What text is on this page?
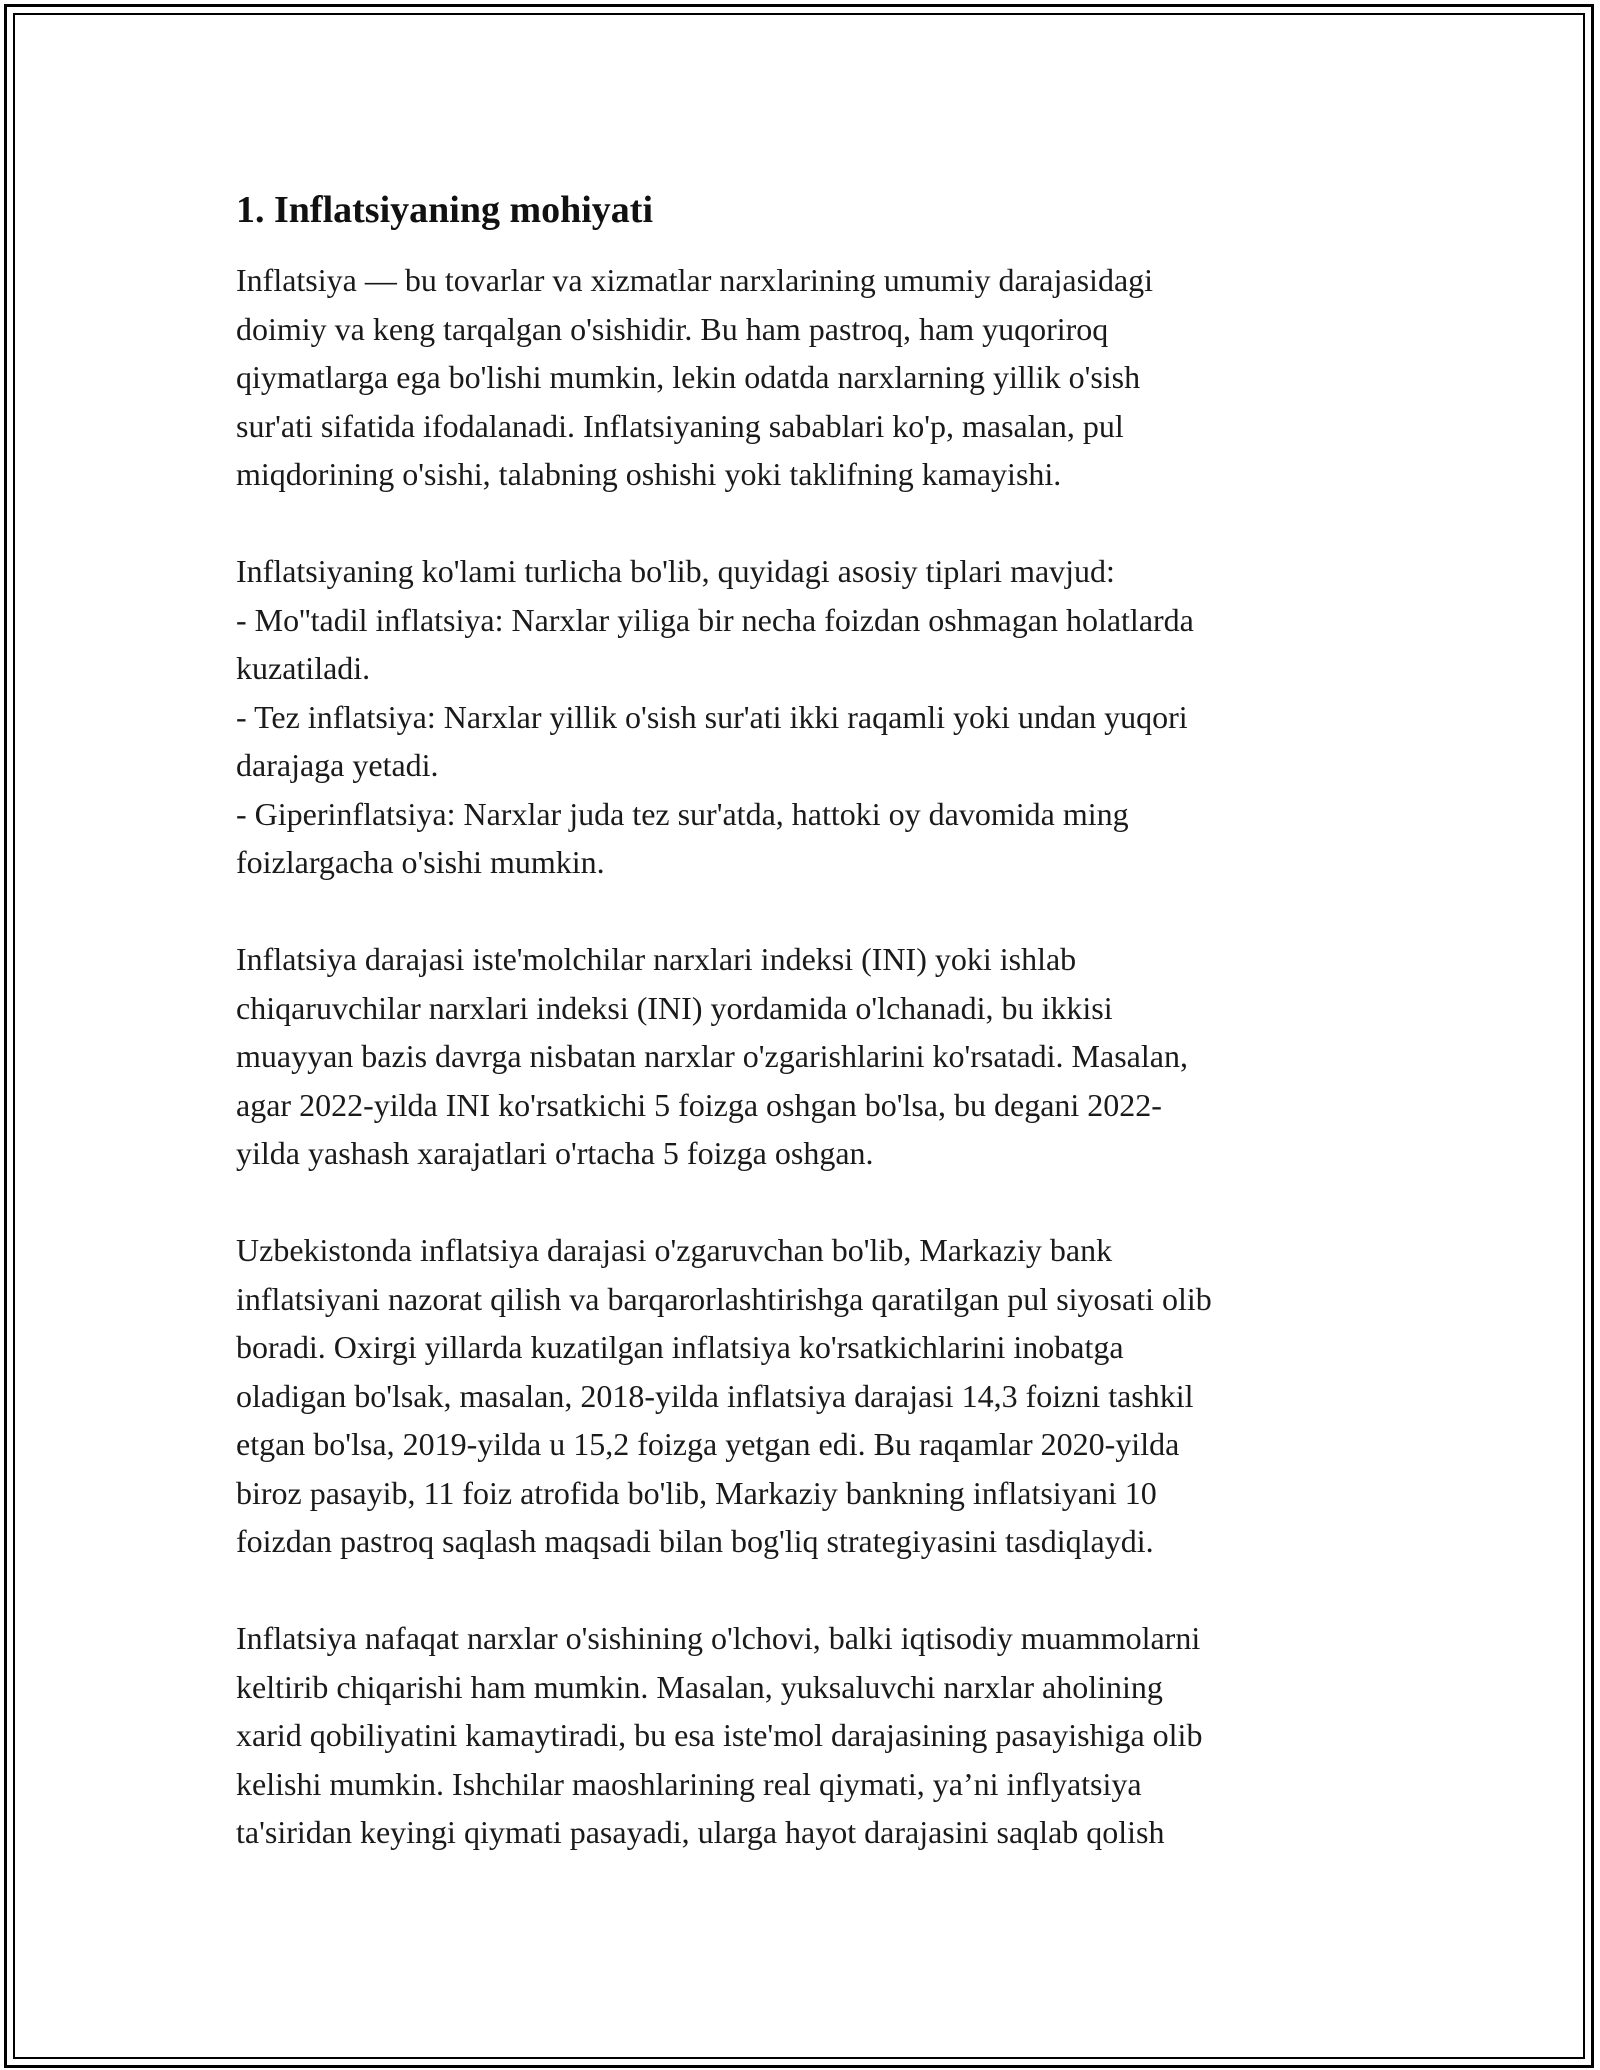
1. Inflatsiyaning mohiyati

Inflatsiya — bu tovarlar va xizmatlar narxlarining umumiy darajasidagi
doimiy va keng tarqalgan o'sishidir. Bu ham pastroq, ham yuqoriroq
qiymatlarga ega bo'lishi mumkin, lekin odatda narxlarning yillik o'sish
sur'ati sifatida ifodalanadi. Inflatsiyaning sabablari ko'p, masalan, pul
miqdorining o'sishi, talabning oshishi yoki taklifning kamayishi.

Inflatsiyaning ko'lami turlicha bo'lib, quyidagi asosiy tiplari mavjud:
- Mo''tadil inflatsiya: Narxlar yiliga bir necha foizdan oshmagan holatlarda
kuzatiladi.
- Tez inflatsiya: Narxlar yillik o'sish sur'ati ikki raqamli yoki undan yuqori
darajaga yetadi.
- Giperinflatsiya: Narxlar juda tez sur'atda, hattoki oy davomida ming
foizlargacha o'sishi mumkin.

Inflatsiya darajasi iste'molchilar narxlari indeksi (INI) yoki ishlab
chiqaruvchilar narxlari indeksi (INI) yordamida o'lchanadi, bu ikkisi
muayyan bazis davrga nisbatan narxlar o'zgarishlarini ko'rsatadi. Masalan,
agar 2022-yilda INI ko'rsatkichi 5 foizga oshgan bo'lsa, bu degani 2022-
yilda yashash xarajatlari o'rtacha 5 foizga oshgan.

Uzbekistonda inflatsiya darajasi o'zgaruvchan bo'lib, Markaziy bank
inflatsiyani nazorat qilish va barqarorlashtirishga qaratilgan pul siyosati olib
boradi. Oxirgi yillarda kuzatilgan inflatsiya ko'rsatkichlarini inobatga
oladigan bo'lsak, masalan, 2018-yilda inflatsiya darajasi 14,3 foizni tashkil
etgan bo'lsa, 2019-yilda u 15,2 foizga yetgan edi. Bu raqamlar 2020-yilda
biroz pasayib, 11 foiz atrofida bo'lib, Markaziy bankning inflatsiyani 10
foizdan pastroq saqlash maqsadi bilan bog'liq strategiyasini tasdiqlaydi.

Inflatsiya nafaqat narxlar o'sishining o'lchovi, balki iqtisodiy muammolarni
keltirib chiqarishi ham mumkin. Masalan, yuksaluvchi narxlar aholining
xarid qobiliyatini kamaytiradi, bu esa iste'mol darajasining pasayishiga olib
kelishi mumkin. Ishchilar maoshlarining real qiymati, ya’ni inflyatsiya
ta'siridan keyingi qiymati pasayadi, ularga hayot darajasini saqlab qolish
